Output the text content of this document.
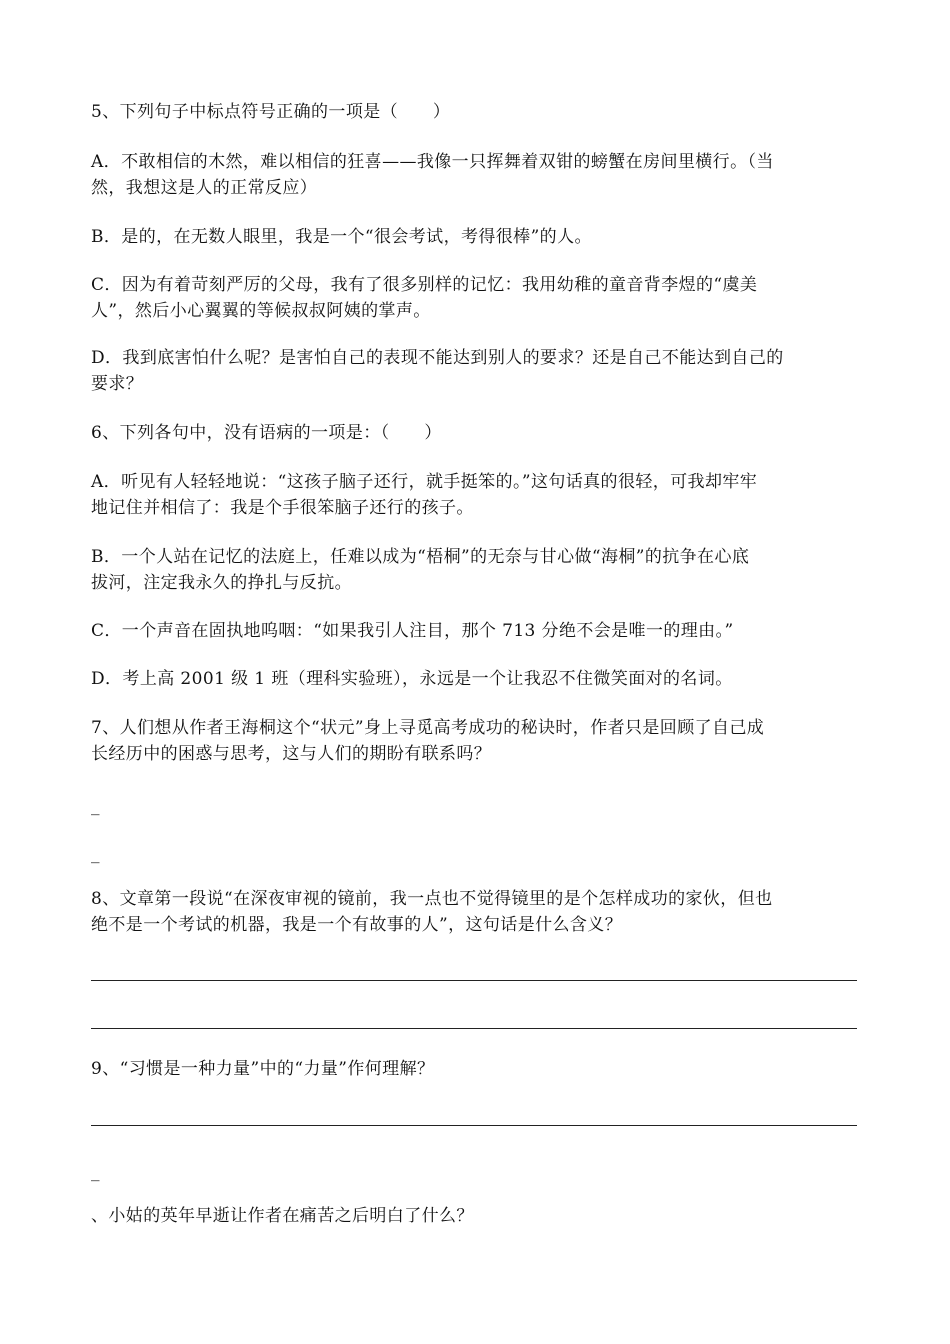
5、下列句子中标点符号正确的一项是（　　）
A．不敢相信的木然，难以相信的狂喜——我像一只挥舞着双钳的螃蟹在房间里横行。（当
然，我想这是人的正常反应）
B．是的，在无数人眼里，我是一个“很会考试，考得很棒”的人。
C．因为有着苛刻严厉的父母，我有了很多别样的记忆：我用幼稚的童音背李煜的“虞美
人”，然后小心翼翼的等候叔叔阿姨的掌声。
D．我到底害怕什么呢？是害怕自己的表现不能达到别人的要求？还是自己不能达到自己的
要求？
6、下列各句中，没有语病的一项是：（　　）
A．听见有人轻轻地说：“这孩子脑子还行，就手挺笨的。”这句话真的很轻，可我却牢牢
地记住并相信了：我是个手很笨脑子还行的孩子。
B．一个人站在记忆的法庭上，任难以成为“梧桐”的无奈与甘心做“海桐”的抗争在心底
拔河，注定我永久的挣扎与反抗。
C．一个声音在固执地呜咽：“如果我引人注目，那个 713 分绝不会是唯一的理由。”
D．考上高 2001 级 1 班（理科实验班），永远是一个让我忍不住微笑面对的名词。
7、人们想从作者王海桐这个“状元”身上寻觅高考成功的秘诀时，作者只是回顾了自己成
长经历中的困惑与思考，这与人们的期盼有联系吗？
_
_
8、文章第一段说“在深夜审视的镜前，我一点也不觉得镜里的是个怎样成功的家伙，但也
绝不是一个考试的机器，我是一个有故事的人”，这句话是什么含义？
9、“习惯是一种力量”中的“力量”作何理解？
_
、小姑的英年早逝让作者在痛苦之后明白了什么？
